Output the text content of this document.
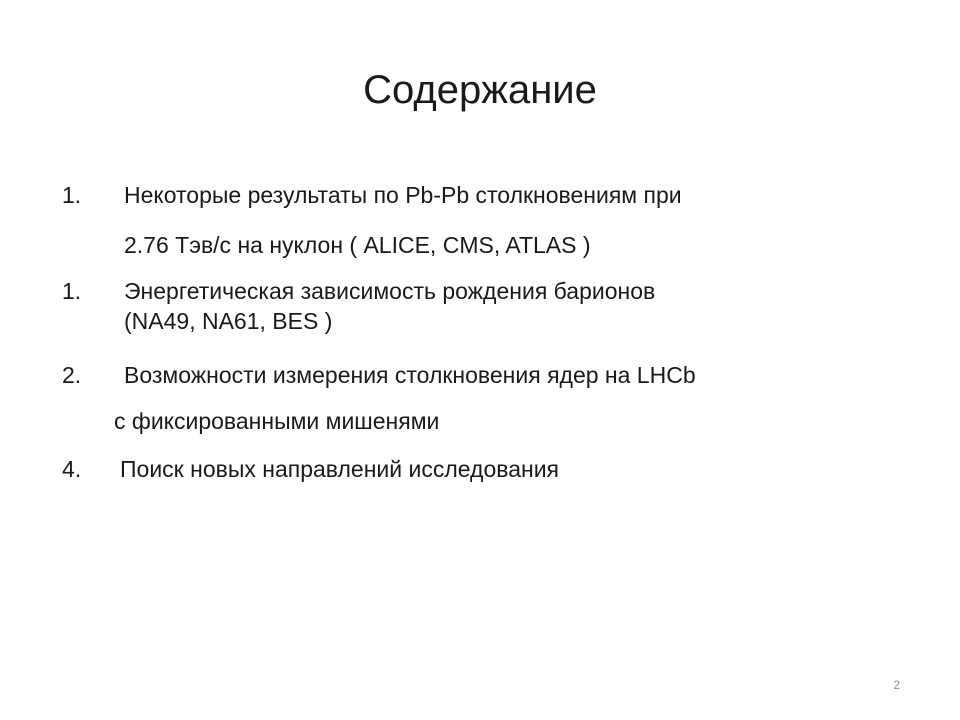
Содержание
1.	Некоторые результаты по Pb-Pb столкновениям при
2.76 Тэв/с на нуклон ( ALICE, CMS, ATLAS )
1.	Энергетическая зависимость рождения барионов
(NA49, NA61, BES )
2.	Возможности измерения столкновения ядер на LHCb
с фиксированными мишенями
4.	Поиск новых направлений исследования
2
